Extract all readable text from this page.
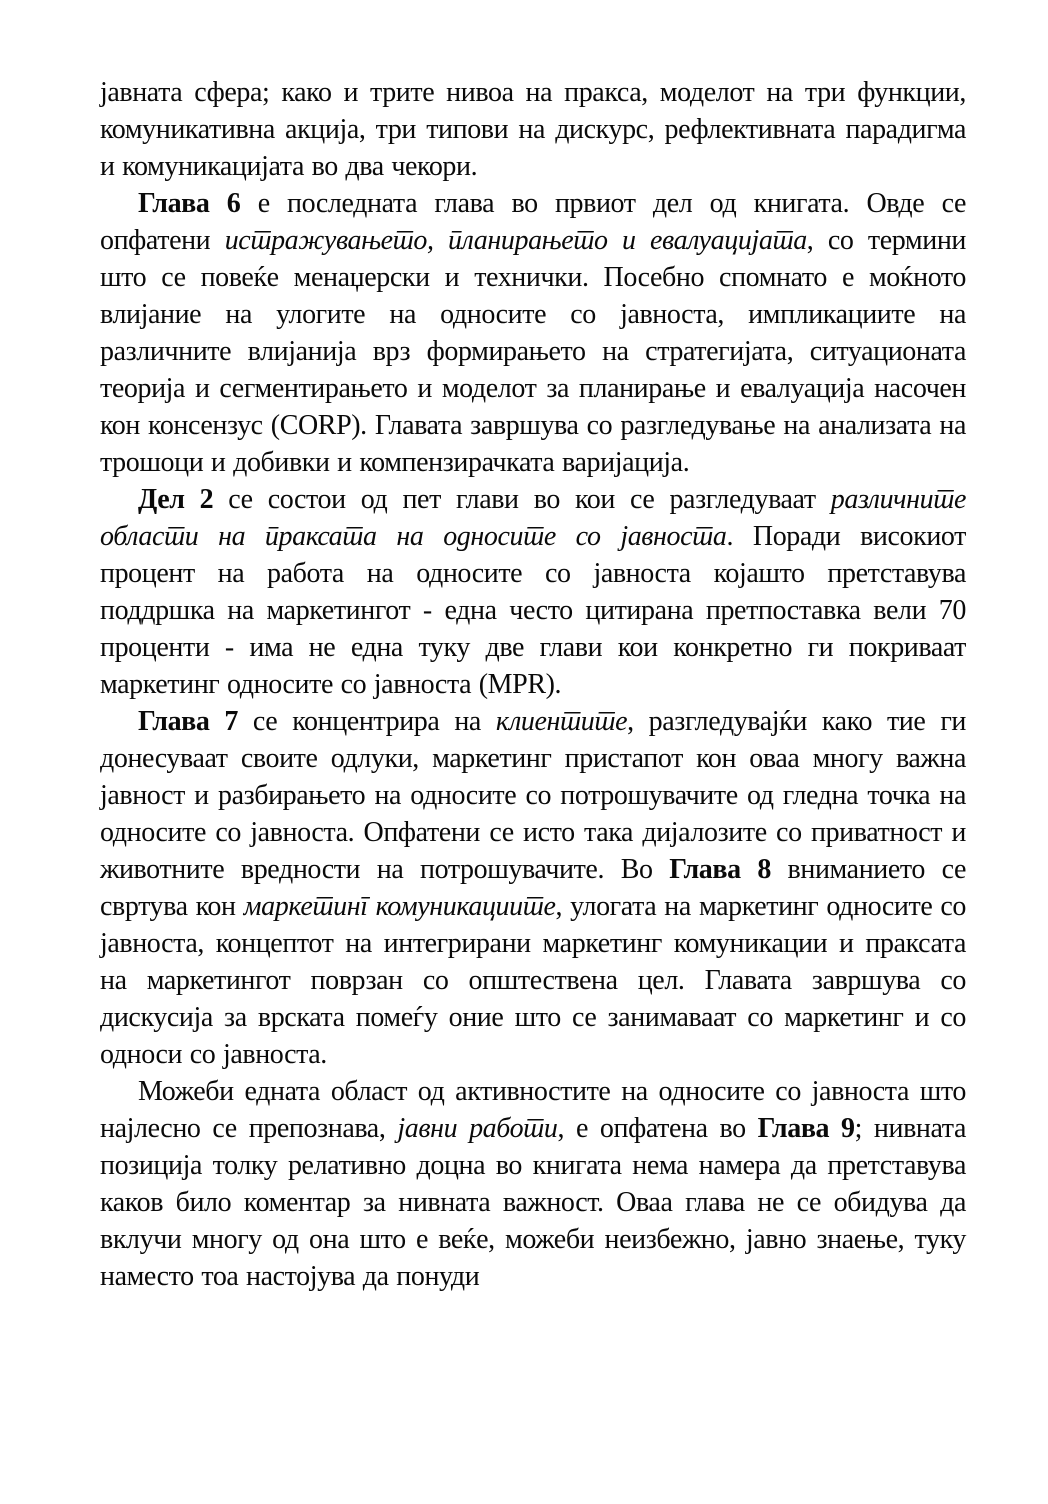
јавната сфера; како и трите нивоа на пракса, моделот на три функции, комуникативна акција, три типови на дискурс, рефлективната парадигма и комуникацијата во два чекори.

Глава 6 е последната глава во првиот дел од книгата. Овде се опфатени истражувањето, планирањето и евалуацијата, со термини што се повеќе менаџерски и технички. Посебно спомнато е моќното влијание на улогите на односите со јавноста, импликациите на различните влијанија врз формирањето на стратегијата, ситуационата теорија и сегментирањето и моделот за планирање и евалуација насочен кон консензус (CORP). Главата завршува со разгледување на анализата на трошоци и добивки и компензирачката варијација.

Дел 2 се состои од пет глави во кои се разгледуваат различните области на праксата на односите со јавноста. Поради високиот процент на работа на односите со јавноста којашто претставува поддршка на маркетингот - една често цитирана претпоставка вели 70 проценти - има не една туку две глави кои конкретно ги покриваат маркетинг односите со јавноста (MPR).

Глава 7 се концентрира на клиентите, разгледувајќи како тие ги донесуваат своите одлуки, маркетинг пристапот кон оваа многу важна јавност и разбирањето на односите со потрошувачите од гледна точка на односите со јавноста. Опфатени се исто така дијалозите со приватност и животните вредности на потрошувачите. Во Глава 8 вниманието се свртува кон маркетинг комуникациите, улогата на маркетинг односите со јавноста, концептот на интегрирани маркетинг комуникации и праксата на маркетингот поврзан со општествена цел. Главата завршува со дискусија за врската помеѓу оние што се занимаваат со маркетинг и со односи со јавноста.

Можеби едната област од активностите на односите со јавноста што најлесно се препознава, јавни работи, е опфатена во Глава 9; нивната позиција толку релативно доцна во книгата нема намера да претставува каков било коментар за нивната важност. Оваа глава не се обидува да вклучи многу од она што е веќе, можеби неизбежно, јавно знаење, туку наместо тоа настојува да понуди
